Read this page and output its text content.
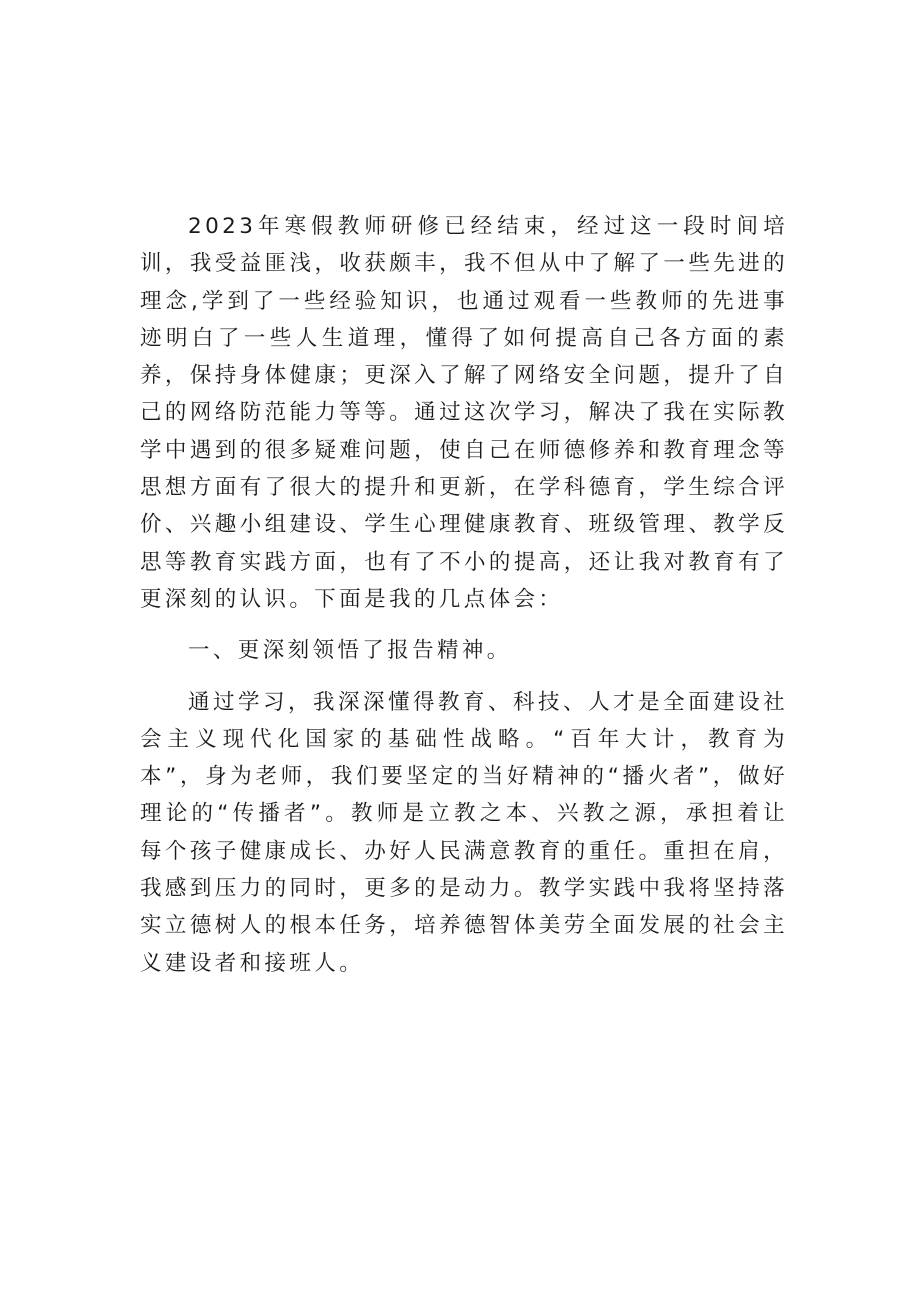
2023年寒假教师研修已经结束，经过这一段时间培训，我受益匪浅，收获颇丰，我不但从中了解了一些先进的理念,学到了一些经验知识，也通过观看一些教师的先进事迹明白了一些人生道理，懂得了如何提高自己各方面的素养，保持身体健康；更深入了解了网络安全问题，提升了自己的网络防范能力等等。通过这次学习，解决了我在实际教学中遇到的很多疑难问题，使自己在师德修养和教育理念等思想方面有了很大的提升和更新，在学科德育，学生综合评价、兴趣小组建设、学生心理健康教育、班级管理、教学反思等教育实践方面，也有了不小的提高，还让我对教育有了更深刻的认识。下面是我的几点体会：

一、更深刻领悟了报告精神。

通过学习，我深深懂得教育、科技、人才是全面建设社会主义现代化国家的基础性战略。“百年大计，教育为本”，身为老师，我们要坚定的当好精神的“播火者”，做好理论的“传播者”。教师是立教之本、兴教之源，承担着让每个孩子健康成长、办好人民满意教育的重任。重担在肩，我感到压力的同时，更多的是动力。教学实践中我将坚持落实立德树人的根本任务，培养德智体美劳全面发展的社会主义建设者和接班人。
